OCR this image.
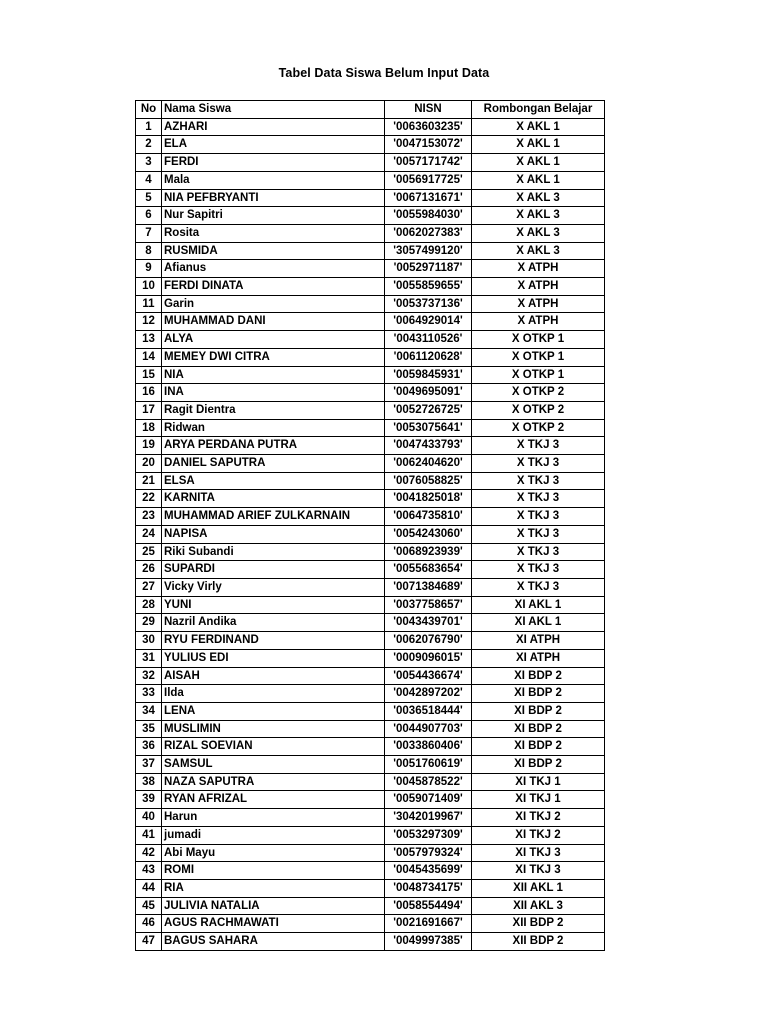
Tabel Data Siswa Belum Input Data
No	Nama Siswa	NISN	Rombongan Belajar
1	AZHARI	'0063603235'	X AKL 1
2	ELA	'0047153072'	X AKL 1
3	FERDI	'0057171742'	X AKL 1
4	Mala	'0056917725'	X AKL 1
5	NIA PEFBRYANTI	'0067131671'	X AKL 3
6	Nur Sapitri	'0055984030'	X AKL 3
7	Rosita	'0062027383'	X AKL 3
8	RUSMIDA	'3057499120'	X AKL 3
9	Afianus	'0052971187'	X ATPH
10	FERDI DINATA	'0055859655'	X ATPH
11	Garin	'0053737136'	X ATPH
12	MUHAMMAD DANI	'0064929014'	X ATPH
13	ALYA	'0043110526'	X OTKP 1
14	MEMEY DWI CITRA	'0061120628'	X OTKP 1
15	NIA	'0059845931'	X OTKP 1
16	INA	'0049695091'	X OTKP 2
17	Ragit Dientra	'0052726725'	X OTKP 2
18	Ridwan	'0053075641'	X OTKP 2
19	ARYA PERDANA PUTRA	'0047433793'	X TKJ 3
20	DANIEL SAPUTRA	'0062404620'	X TKJ 3
21	ELSA	'0076058825'	X TKJ 3
22	KARNITA	'0041825018'	X TKJ 3
23	MUHAMMAD ARIEF ZULKARNAIN	'0064735810'	X TKJ 3
24	NAPISA	'0054243060'	X TKJ 3
25	Riki Subandi	'0068923939'	X TKJ 3
26	SUPARDI	'0055683654'	X TKJ 3
27	Vicky Virly	'0071384689'	X TKJ 3
28	YUNI	'0037758657'	XI AKL 1
29	Nazril Andika	'0043439701'	XI AKL 1
30	RYU FERDINAND	'0062076790'	XI ATPH
31	YULIUS EDI	'0009096015'	XI ATPH
32	AISAH	'0054436674'	XI BDP 2
33	Ilda	'0042897202'	XI BDP 2
34	LENA	'0036518444'	XI BDP 2
35	MUSLIMIN	'0044907703'	XI BDP 2
36	RIZAL SOEVIAN	'0033860406'	XI BDP 2
37	SAMSUL	'0051760619'	XI BDP 2
38	NAZA SAPUTRA	'0045878522'	XI TKJ 1
39	RYAN AFRIZAL	'0059071409'	XI TKJ 1
40	Harun	'3042019967'	XI TKJ 2
41	jumadi	'0053297309'	XI TKJ 2
42	Abi Mayu	'0057979324'	XI TKJ 3
43	ROMI	'0045435699'	XI TKJ 3
44	RIA	'0048734175'	XII AKL 1
45	JULIVIA NATALIA	'0058554494'	XII AKL 3
46	AGUS RACHMAWATI	'0021691667'	XII BDP 2
47	BAGUS SAHARA	'0049997385'	XII BDP 2
